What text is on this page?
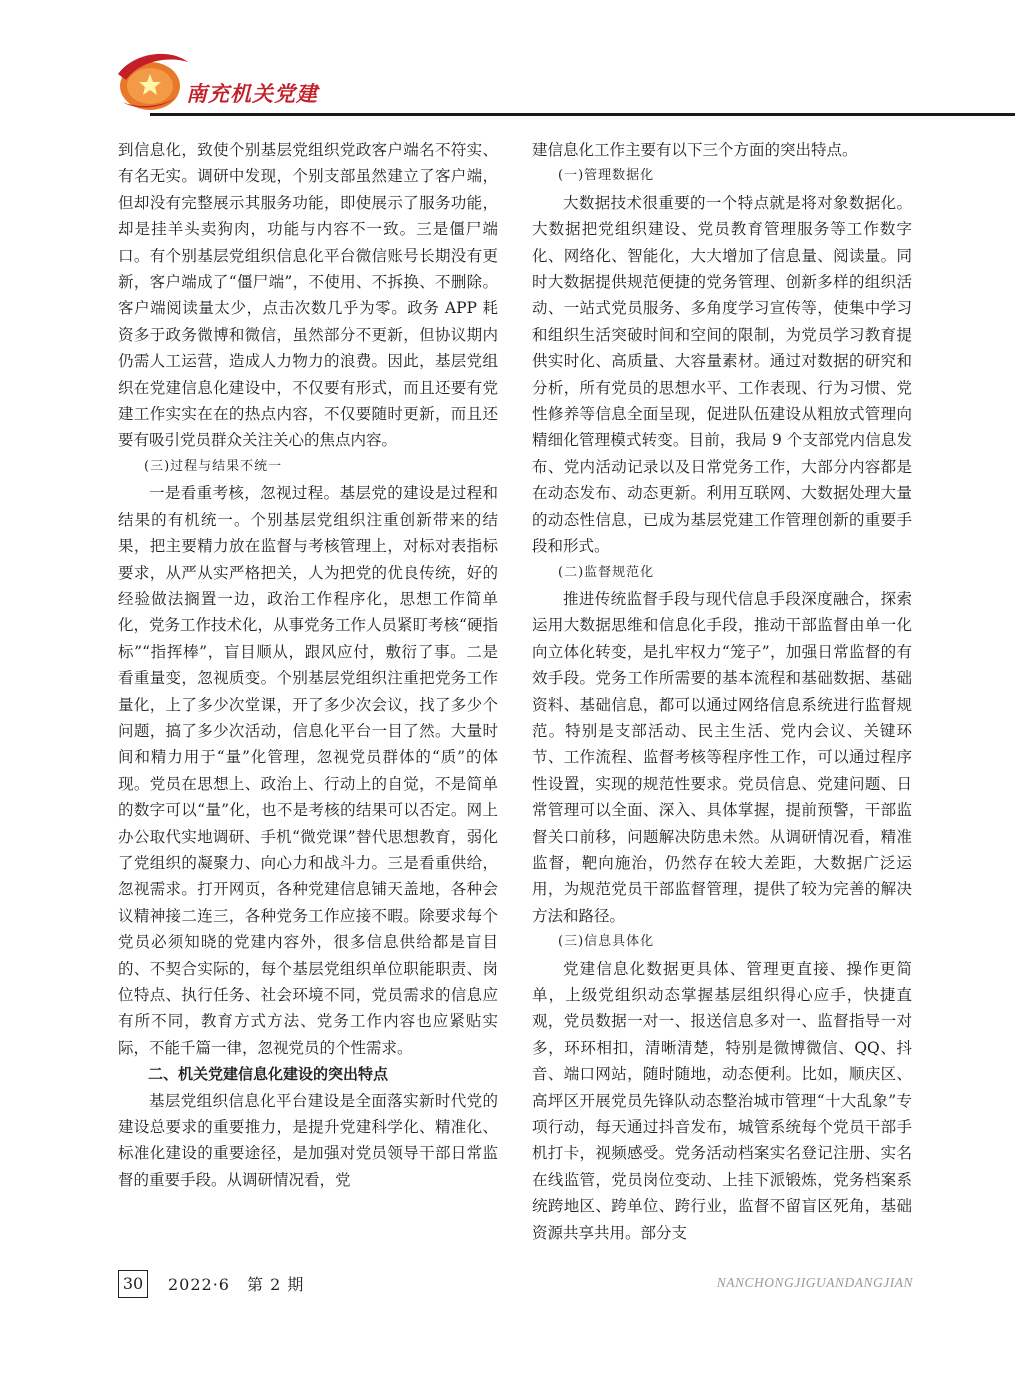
南充机关党建

到信息化，致使个别基层党组织党政客户端名不符实、有名无实。调研中发现，个别支部虽然建立了客户端，但却没有完整展示其服务功能，即使展示了服务功能，却是挂羊头卖狗肉，功能与内容不一致。三是僵尸端口。有个别基层党组织信息化平台微信账号长期没有更新，客户端成了“僵尸端”，不使用、不拆换、不删除。客户端阅读量太少，点击次数几乎为零。政务 APP 耗资多于政务微博和微信，虽然部分不更新，但协议期内仍需人工运营，造成人力物力的浪费。因此，基层党组织在党建信息化建设中，不仅要有形式，而且还要有党建工作实实在在的热点内容，不仅要随时更新，而且还要有吸引党员群众关注关心的焦点内容。

(三)过程与结果不统一

一是看重考核，忽视过程。基层党的建设是过程和结果的有机统一。个别基层党组织注重创新带来的结果，把主要精力放在监督与考核管理上，对标对表指标要求，从严从实严格把关，人为把党的优良传统，好的经验做法搁置一边，政治工作程序化，思想工作简单化，党务工作技术化，从事党务工作人员紧盯考核“硬指标”“指挥棒”，盲目顺从，跟风应付，敷衍了事。二是看重量变，忽视质变。个别基层党组织注重把党务工作量化，上了多少次堂课，开了多少次会议，找了多少个问题，搞了多少次活动，信息化平台一目了然。大量时间和精力用于“量”化管理，忽视党员群体的“质”的体现。党员在思想上、政治上、行动上的自觉，不是简单的数字可以“量”化，也不是考核的结果可以否定。网上办公取代实地调研、手机“微党课”替代思想教育，弱化了党组织的凝聚力、向心力和战斗力。三是看重供给，忽视需求。打开网页，各种党建信息铺天盖地，各种会议精神接二连三，各种党务工作应接不暇。除要求每个党员必须知晓的党建内容外，很多信息供给都是盲目的、不契合实际的，每个基层党组织单位职能职责、岗位特点、执行任务、社会环境不同，党员需求的信息应有所不同，教育方式方法、党务工作内容也应紧贴实际，不能千篇一律，忽视党员的个性需求。

二、机关党建信息化建设的突出特点

基层党组织信息化平台建设是全面落实新时代党的建设总要求的重要推力，是提升党建科学化、精准化、标准化建设的重要途径，是加强对党员领导干部日常监督的重要手段。从调研情况看，党

建信息化工作主要有以下三个方面的突出特点。

(一)管理数据化

大数据技术很重要的一个特点就是将对象数据化。大数据把党组织建设、党员教育管理服务等工作数字化、网络化、智能化，大大增加了信息量、阅读量。同时大数据提供规范便捷的党务管理、创新多样的组织活动、一站式党员服务、多角度学习宣传等，使集中学习和组织生活突破时间和空间的限制，为党员学习教育提供实时化、高质量、大容量素材。通过对数据的研究和分析，所有党员的思想水平、工作表现、行为习惯、党性修养等信息全面呈现，促进队伍建设从粗放式管理向精细化管理模式转变。目前，我局 9 个支部党内信息发布、党内活动记录以及日常党务工作，大部分内容都是在动态发布、动态更新。利用互联网、大数据处理大量的动态性信息，已成为基层党建工作管理创新的重要手段和形式。

(二)监督规范化

推进传统监督手段与现代信息手段深度融合，探索运用大数据思维和信息化手段，推动干部监督由单一化向立体化转变，是扎牢权力“笼子”，加强日常监督的有效手段。党务工作所需要的基本流程和基础数据、基础资料、基础信息，都可以通过网络信息系统进行监督规范。特别是支部活动、民主生活、党内会议、关键环节、工作流程、监督考核等程序性工作，可以通过程序性设置，实现的规范性要求。党员信息、党建问题、日常管理可以全面、深入、具体掌握，提前预警，干部监督关口前移，问题解决防患未然。从调研情况看，精准监督，靶向施治，仍然存在较大差距，大数据广泛运用，为规范党员干部监督管理，提供了较为完善的解决方法和路径。

(三)信息具体化

党建信息化数据更具体、管理更直接、操作更简单，上级党组织动态掌握基层组织得心应手，快捷直观，党员数据一对一、报送信息多对一、监督指导一对多，环环相扣，清晰清楚，特别是微博微信、QQ、抖音、端口网站，随时随地，动态便利。比如，顺庆区、高坪区开展党员先锋队动态整治城市管理“十大乱象”专项行动，每天通过抖音发布，城管系统每个党员干部手机打卡，视频感受。党务活动档案实名登记注册、实名在线监管，党员岗位变动、上挂下派锻炼，党务档案系统跨地区、跨单位、跨行业，监督不留盲区死角，基础资源共享共用。部分支

30	2022·6　第 2 期	NANCHONGJIGUANDANGJIAN
